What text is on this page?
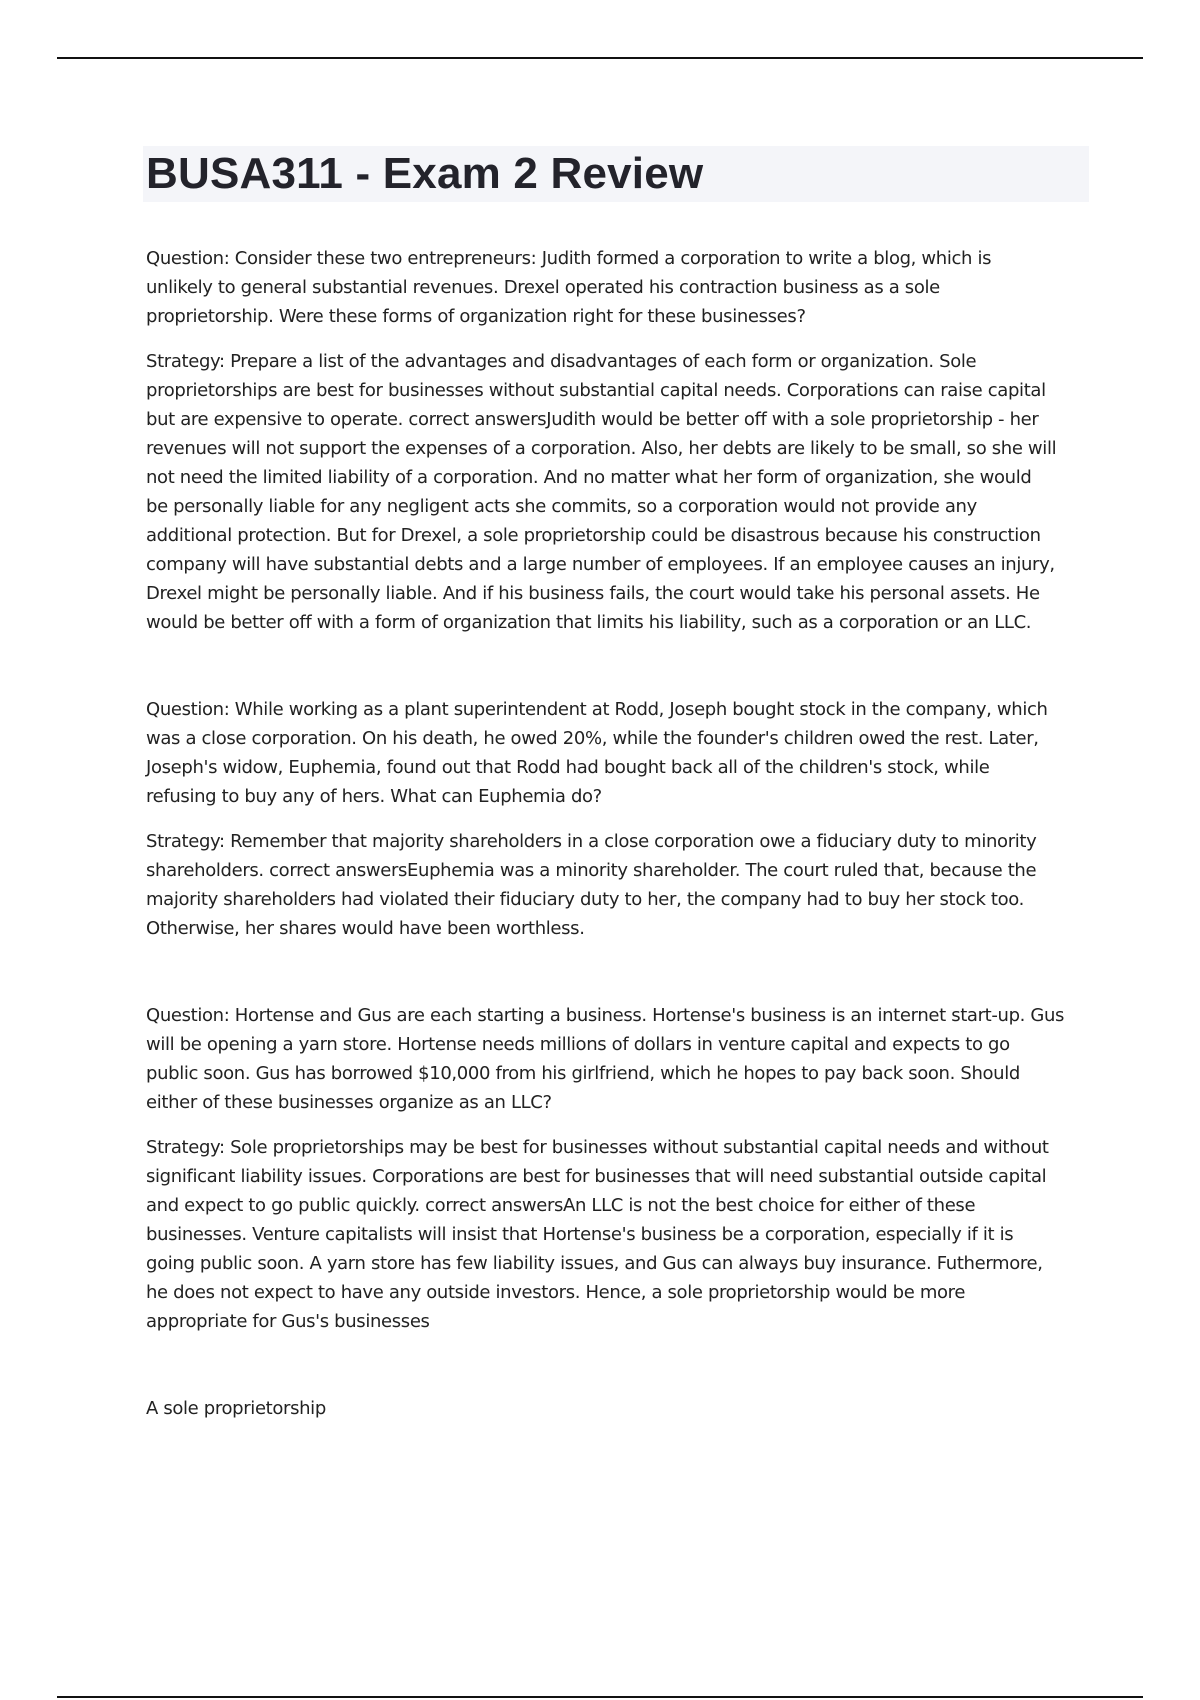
BUSA311 - Exam 2 Review

Question: Consider these two entrepreneurs: Judith formed a corporation to write a blog, which is
unlikely to general substantial revenues. Drexel operated his contraction business as a sole
proprietorship. Were these forms of organization right for these businesses?

Strategy: Prepare a list of the advantages and disadvantages of each form or organization. Sole
proprietorships are best for businesses without substantial capital needs. Corporations can raise capital
but are expensive to operate. correct answersJudith would be better off with a sole proprietorship - her
revenues will not support the expenses of a corporation. Also, her debts are likely to be small, so she will
not need the limited liability of a corporation. And no matter what her form of organization, she would
be personally liable for any negligent acts she commits, so a corporation would not provide any
additional protection. But for Drexel, a sole proprietorship could be disastrous because his construction
company will have substantial debts and a large number of employees. If an employee causes an injury,
Drexel might be personally liable. And if his business fails, the court would take his personal assets. He
would be better off with a form of organization that limits his liability, such as a corporation or an LLC.

Question: While working as a plant superintendent at Rodd, Joseph bought stock in the company, which
was a close corporation. On his death, he owed 20%, while the founder's children owed the rest. Later,
Joseph's widow, Euphemia, found out that Rodd had bought back all of the children's stock, while
refusing to buy any of hers. What can Euphemia do?

Strategy: Remember that majority shareholders in a close corporation owe a fiduciary duty to minority
shareholders. correct answersEuphemia was a minority shareholder. The court ruled that, because the
majority shareholders had violated their fiduciary duty to her, the company had to buy her stock too.
Otherwise, her shares would have been worthless.

Question: Hortense and Gus are each starting a business. Hortense's business is an internet start-up. Gus
will be opening a yarn store. Hortense needs millions of dollars in venture capital and expects to go
public soon. Gus has borrowed $10,000 from his girlfriend, which he hopes to pay back soon. Should
either of these businesses organize as an LLC?

Strategy: Sole proprietorships may be best for businesses without substantial capital needs and without
significant liability issues. Corporations are best for businesses that will need substantial outside capital
and expect to go public quickly. correct answersAn LLC is not the best choice for either of these
businesses. Venture capitalists will insist that Hortense's business be a corporation, especially if it is
going public soon. A yarn store has few liability issues, and Gus can always buy insurance. Futhermore,
he does not expect to have any outside investors. Hence, a sole proprietorship would be more
appropriate for Gus's businesses

A sole proprietorship
